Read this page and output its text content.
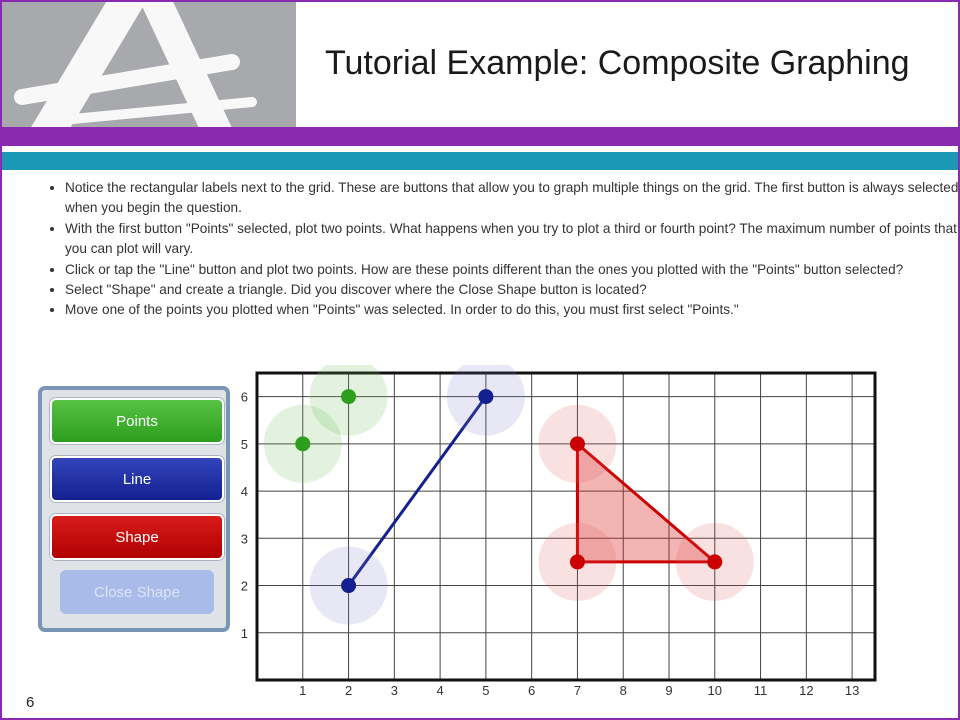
Tutorial Example: Composite Graphing
• Notice the rectangular labels next to the grid. These are buttons that allow you to graph multiple things on the grid. The first button is always selected when you begin the question.
• With the first button "Points" selected, plot two points. What happens when you try to plot a third or fourth point? The maximum number of points that you can plot will vary.
• Click or tap the "Line" button and plot two points. How are these points different than the ones you plotted with the "Points" button selected?
• Select "Shape" and create a triangle. Did you discover where the Close Shape button is located?
• Move one of the points you plotted when "Points" was selected. In order to do this, you must first select "Points."
Points
Line
Shape
Close Shape
1	2	3	4	5	6	7	8	9	10 11 12 13
1
2
3
4
5
6
6
